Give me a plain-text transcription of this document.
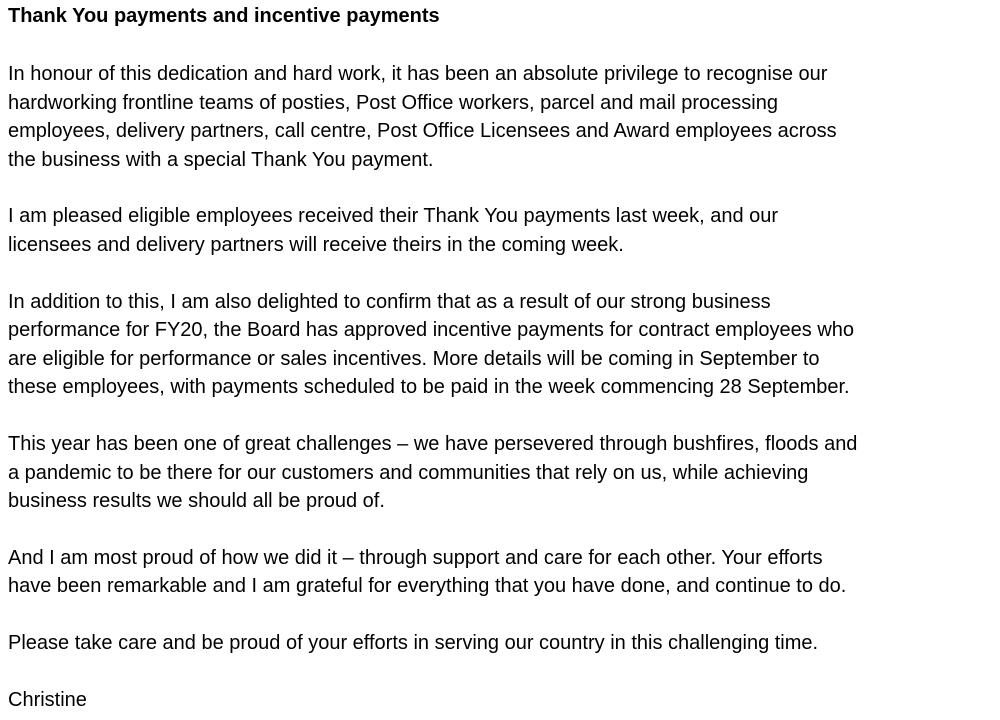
Thank You payments and incentive payments

In honour of this dedication and hard work, it has been an absolute privilege to recognise our
hardworking frontline teams of posties, Post Office workers, parcel and mail processing
employees, delivery partners, call centre, Post Office Licensees and Award employees across
the business with a special Thank You payment.

I am pleased eligible employees received their Thank You payments last week, and our
licensees and delivery partners will receive theirs in the coming week.

In addition to this, I am also delighted to confirm that as a result of our strong business
performance for FY20, the Board has approved incentive payments for contract employees who
are eligible for performance or sales incentives. More details will be coming in September to
these employees, with payments scheduled to be paid in the week commencing 28 September.

This year has been one of great challenges – we have persevered through bushfires, floods and
a pandemic to be there for our customers and communities that rely on us, while achieving
business results we should all be proud of.

And I am most proud of how we did it – through support and care for each other. Your efforts
have been remarkable and I am grateful for everything that you have done, and continue to do.

Please take care and be proud of your efforts in serving our country in this challenging time.

Christine
